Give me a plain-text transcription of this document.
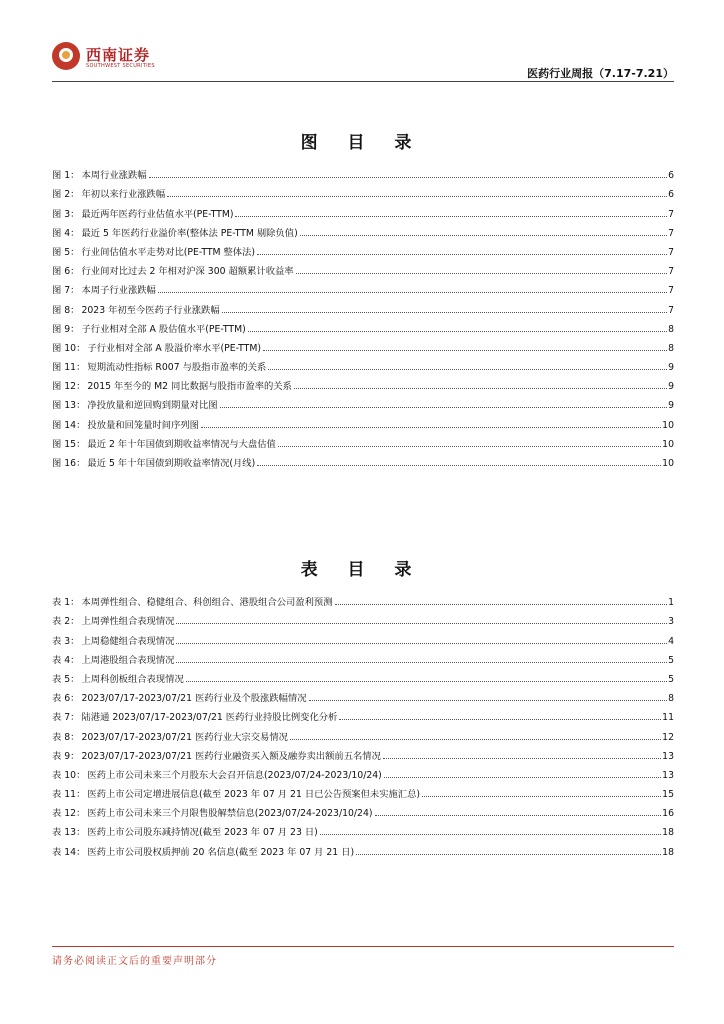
西南证券
SOUTHWEST SECURITIES
医药行业周报（7.17-7.21）
图 目 录
图 1： 本周行业涨跌幅	6
图 2： 年初以来行业涨跌幅	6
图 3： 最近两年医药行业估值水平(PE-TTM)	7
图 4： 最近 5 年医药行业溢价率(整体法 PE-TTM 剔除负值)	7
图 5： 行业间估值水平走势对比(PE-TTM 整体法)	7
图 6： 行业间对比过去 2 年相对沪深 300 超额累计收益率	7
图 7： 本周子行业涨跌幅	7
图 8： 2023 年初至今医药子行业涨跌幅	7
图 9： 子行业相对全部 A 股估值水平(PE-TTM)	8
图 10： 子行业相对全部 A 股溢价率水平(PE-TTM)	8
图 11： 短期流动性指标 R007 与股指市盈率的关系	9
图 12： 2015 年至今的 M2 同比数据与股指市盈率的关系	9
图 13： 净投放量和逆回购到期量对比图	9
图 14： 投放量和回笼量时间序列图	10
图 15： 最近 2 年十年国债到期收益率情况与大盘估值	10
图 16： 最近 5 年十年国债到期收益率情况(月线)	10
表 目 录
表 1： 本周弹性组合、稳健组合、科创组合、港股组合公司盈利预测	1
表 2： 上周弹性组合表现情况	3
表 3： 上周稳健组合表现情况	4
表 4： 上周港股组合表现情况	5
表 5： 上周科创板组合表现情况	5
表 6： 2023/07/17-2023/07/21 医药行业及个股涨跌幅情况	8
表 7： 陆港通 2023/07/17-2023/07/21 医药行业持股比例变化分析	11
表 8： 2023/07/17-2023/07/21 医药行业大宗交易情况	12
表 9： 2023/07/17-2023/07/21 医药行业融资买入额及融券卖出额前五名情况	13
表 10： 医药上市公司未来三个月股东大会召开信息(2023/07/24-2023/10/24)	13
表 11： 医药上市公司定增进展信息(截至 2023 年 07 月 21 日已公告预案但未实施汇总)	15
表 12： 医药上市公司未来三个月限售股解禁信息(2023/07/24-2023/10/24)	16
表 13： 医药上市公司股东减持情况(截至 2023 年 07 月 23 日)	18
表 14： 医药上市公司股权质押前 20 名信息(截至 2023 年 07 月 21 日)	18
请务必阅读正文后的重要声明部分
